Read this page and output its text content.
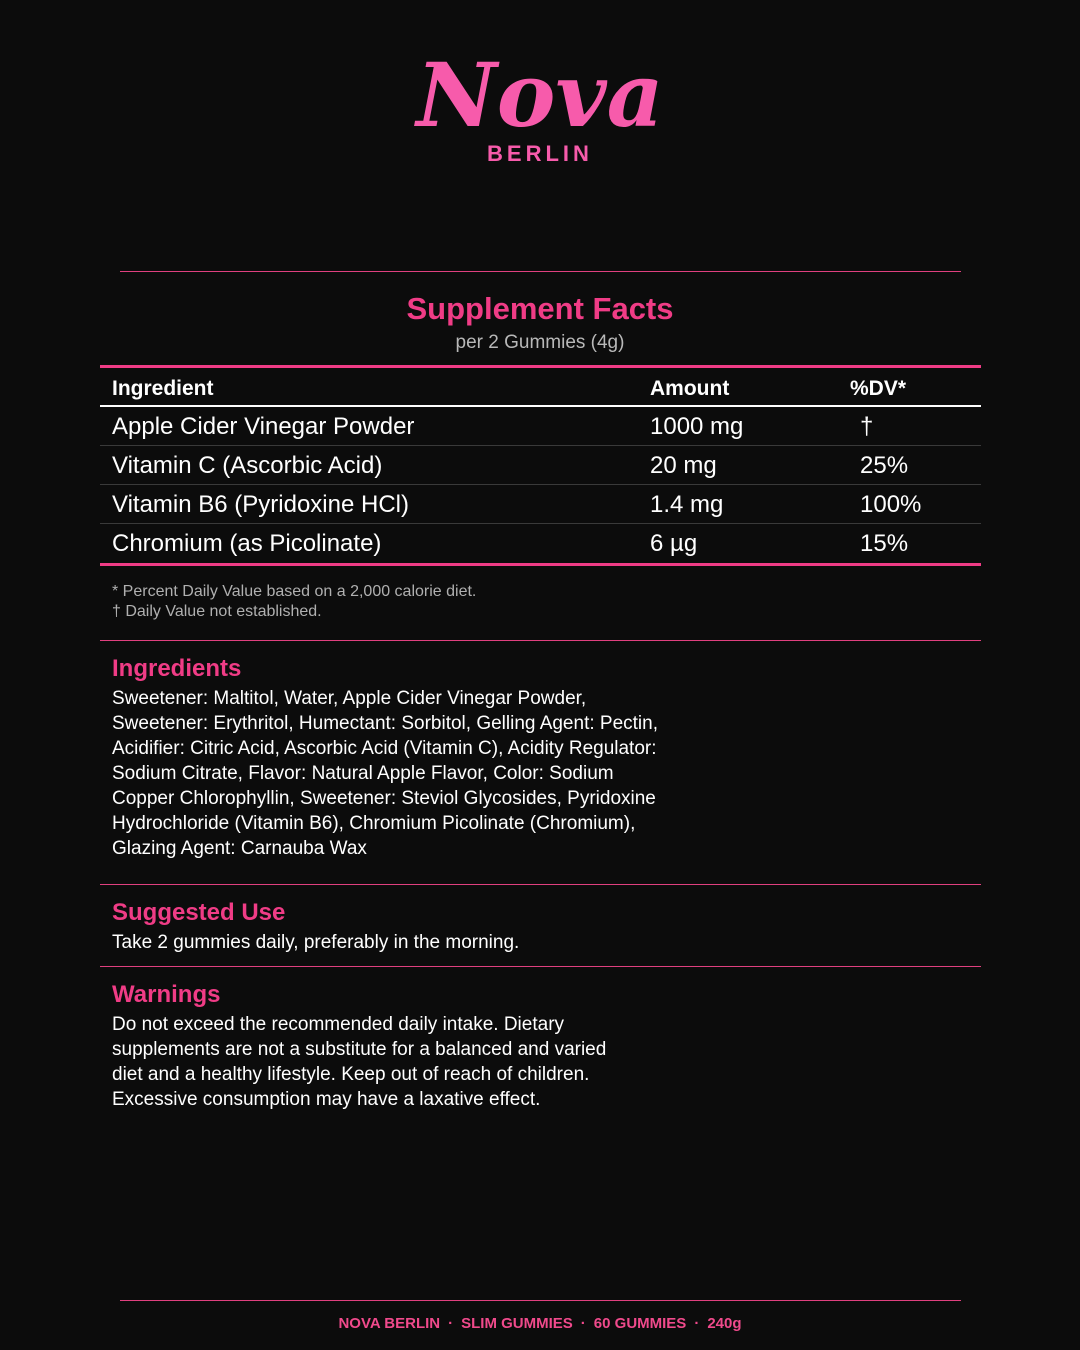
Nova
BERLIN
Supplement Facts
per 2 Gummies (4g)
Ingredient	Amount	%DV*
Apple Cider Vinegar Powder	1000 mg	†
Vitamin C (Ascorbic Acid)	20 mg	25%
Vitamin B6 (Pyridoxine HCl)	1.4 mg	100%
Chromium (as Picolinate)	6 µg	15%
* Percent Daily Value based on a 2,000 calorie diet.
† Daily Value not established.
Ingredients
Sweetener: Maltitol, Water, Apple Cider Vinegar Powder, Sweetener: Erythritol, Humectant: Sorbitol, Gelling Agent: Pectin, Acidifier: Citric Acid, Ascorbic Acid (Vitamin C), Acidity Regulator: Sodium Citrate, Flavor: Natural Apple Flavor, Color: Sodium Copper Chlorophyllin, Sweetener: Steviol Glycosides, Pyridoxine Hydrochloride (Vitamin B6), Chromium Picolinate (Chromium), Glazing Agent: Carnauba Wax
Suggested Use
Take 2 gummies daily, preferably in the morning.
Warnings
Do not exceed the recommended daily intake. Dietary supplements are not a substitute for a balanced and varied diet and a healthy lifestyle. Keep out of reach of children. Excessive consumption may have a laxative effect.
NOVA BERLIN · SLIM GUMMIES · 60 GUMMIES · 240g
